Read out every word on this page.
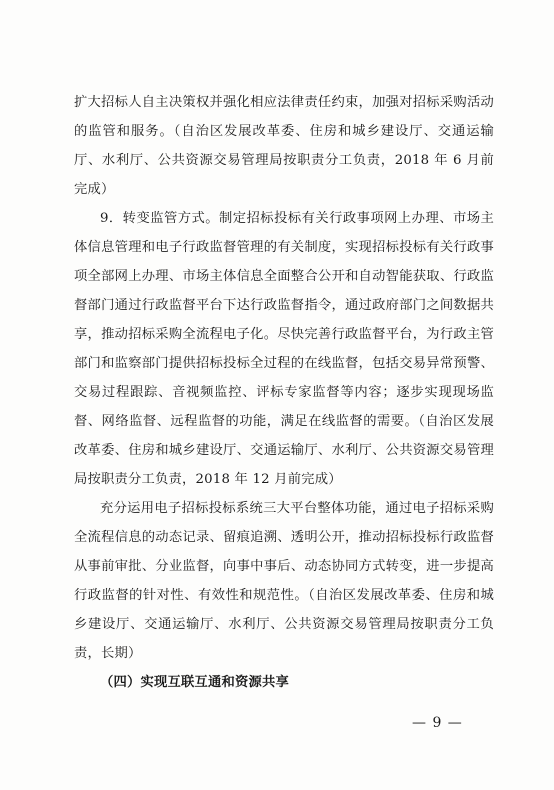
扩大招标人自主决策权并强化相应法律责任约束，加强对招标采购活动的监管和服务。（自治区发展改革委、住房和城乡建设厅、交通运输厅、水利厅、公共资源交易管理局按职责分工负责，2018 年 6 月前完成）

9．转变监管方式。制定招标投标有关行政事项网上办理、市场主体信息管理和电子行政监督管理的有关制度，实现招标投标有关行政事项全部网上办理、市场主体信息全面整合公开和自动智能获取、行政监督部门通过行政监督平台下达行政监督指令，通过政府部门之间数据共享，推动招标采购全流程电子化。尽快完善行政监督平台，为行政主管部门和监察部门提供招标投标全过程的在线监督，包括交易异常预警、交易过程跟踪、音视频监控、评标专家监督等内容；逐步实现现场监督、网络监督、远程监督的功能，满足在线监督的需要。（自治区发展改革委、住房和城乡建设厅、交通运输厅、水利厅、公共资源交易管理局按职责分工负责，2018 年 12 月前完成）

充分运用电子招标投标系统三大平台整体功能，通过电子招标采购全流程信息的动态记录、留痕追溯、透明公开，推动招标投标行政监督从事前审批、分业监督，向事中事后、动态协同方式转变，进一步提高行政监督的针对性、有效性和规范性。（自治区发展改革委、住房和城乡建设厅、交通运输厅、水利厅、公共资源交易管理局按职责分工负责，长期）

（四）实现互联互通和资源共享

— 9 —
